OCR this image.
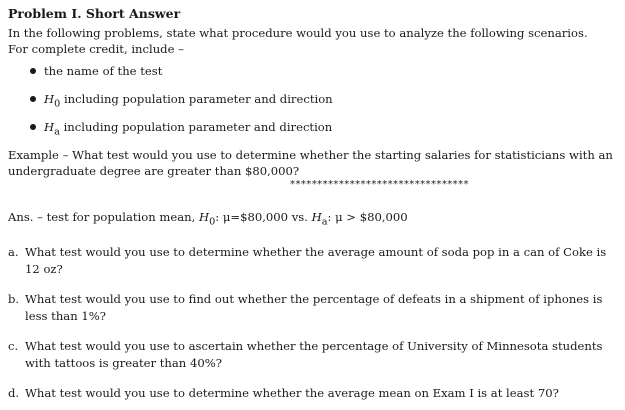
Problem I. Short Answer

In the following problems, state what procedure would you use to analyze the following scenarios.
For complete credit, include –

the name of the test
$H_0$ including population parameter and direction
$H_a$ including population parameter and direction

Example – What test would you use to determine whether the starting salaries for statisticians with an
undergraduate degree are greater than $80,000?

*********************************

Ans. – test for population mean, $H_0$: μ=$80,000 vs. $H_a$: μ > $80,000

a. What test would you use to determine whether the average amount of soda pop in a can of Coke is 12 oz?
b. What test would you use to find out whether the percentage of defeats in a shipment of iphones is less than 1%?
c. What test would you use to ascertain whether the percentage of University of Minnesota students with tattoos is greater than 40%?
d. What test would you use to determine whether the average mean on Exam I is at least 70?
